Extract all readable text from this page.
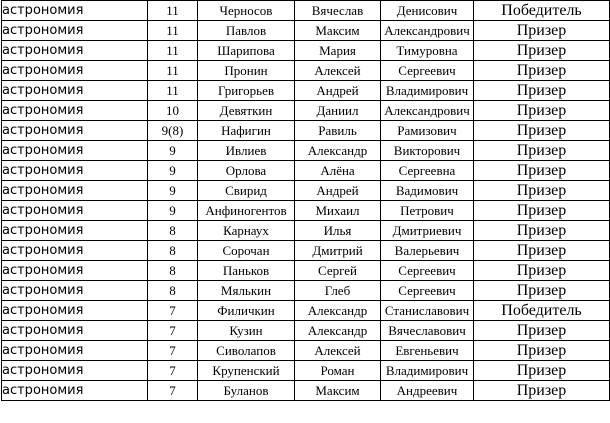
астрономия	11	Черносов	Вячеслав	Денисович	Победитель
астрономия	11	Павлов	Максим	Александрович	Призер
астрономия	11	Шарипова	Мария	Тимуровна	Призер
астрономия	11	Пронин	Алексей	Сергеевич	Призер
астрономия	11	Григорьев	Андрей	Владимирович	Призер
астрономия	10	Девяткин	Даниил	Александрович	Призер
астрономия	9(8)	Нафигин	Равиль	Рамизович	Призер
астрономия	9	Ивлиев	Александр	Викторович	Призер
астрономия	9	Орлова	Алёна	Сергеевна	Призер
астрономия	9	Свирид	Андрей	Вадимович	Призер
астрономия	9	Анфиногентов	Михаил	Петрович	Призер
астрономия	8	Карнаух	Илья	Дмитриевич	Призер
астрономия	8	Сорочан	Дмитрий	Валерьевич	Призер
астрономия	8	Паньков	Сергей	Сергеевич	Призер
астрономия	8	Мялькин	Глеб	Сергеевич	Призер
астрономия	7	Филичкин	Александр	Станиславович	Победитель
астрономия	7	Кузин	Александр	Вячеславович	Призер
астрономия	7	Сиволапов	Алексей	Евгеньевич	Призер
астрономия	7	Крупенский	Роман	Владимирович	Призер
астрономия	7	Буланов	Максим	Андреевич	Призер
